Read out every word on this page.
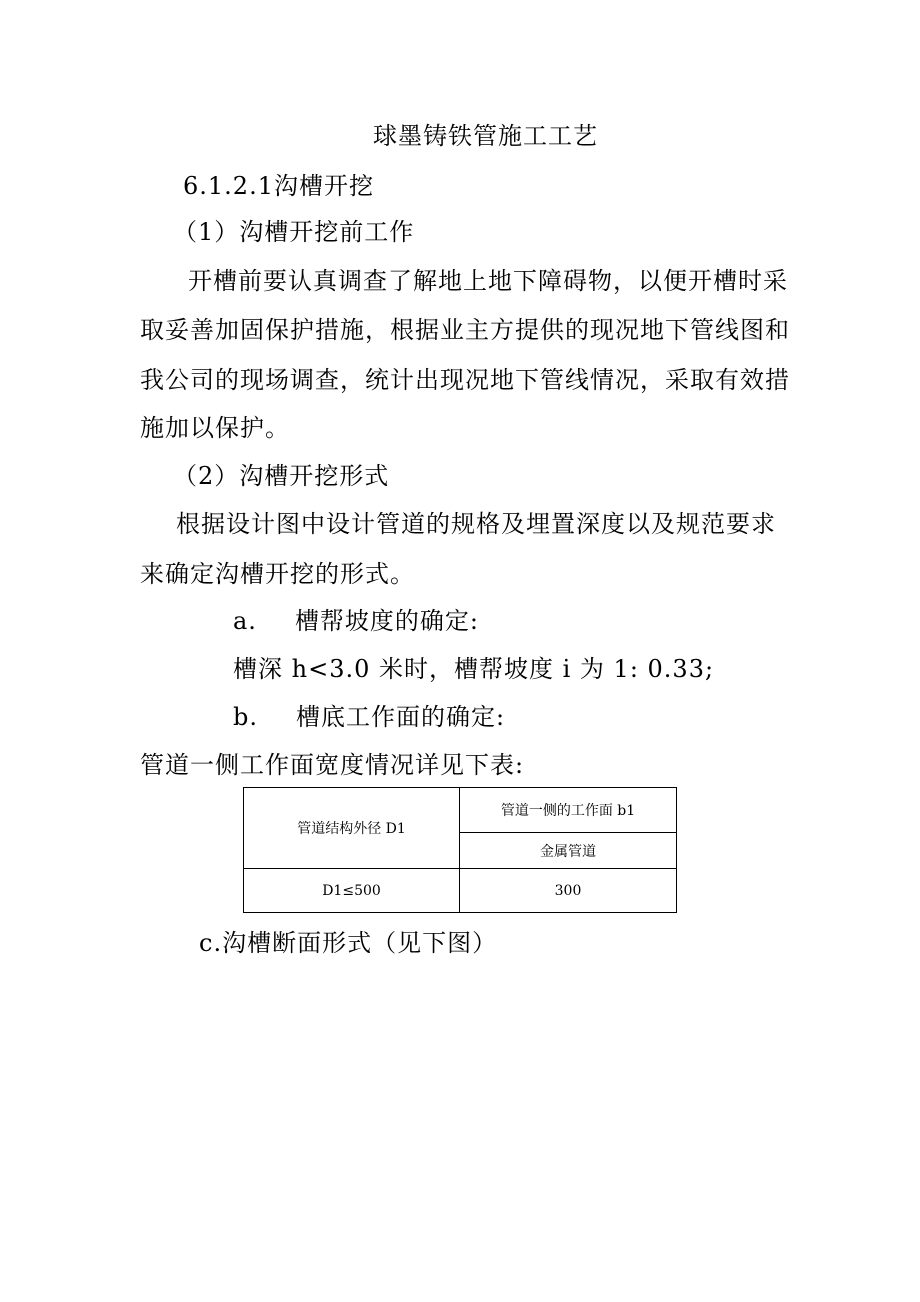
球墨铸铁管施工工艺
6.1.2.1沟槽开挖
（1）沟槽开挖前工作
开槽前要认真调查了解地上地下障碍物，以便开槽时采
取妥善加固保护措施，根据业主方提供的现况地下管线图和
我公司的现场调查，统计出现况地下管线情况，采取有效措
施加以保护。
（2）沟槽开挖形式
根据设计图中设计管道的规格及埋置深度以及规范要求
来确定沟槽开挖的形式。
a. 槽帮坡度的确定:
槽深 h<3.0 米时，槽帮坡度 i 为 1: 0.33;
b. 槽底工作面的确定:
管道一侧工作面宽度情况详见下表:
管道结构外径 D1	管道一侧的工作面 b1
	金属管道
D1≤500	300
c.沟槽断面形式（见下图）
